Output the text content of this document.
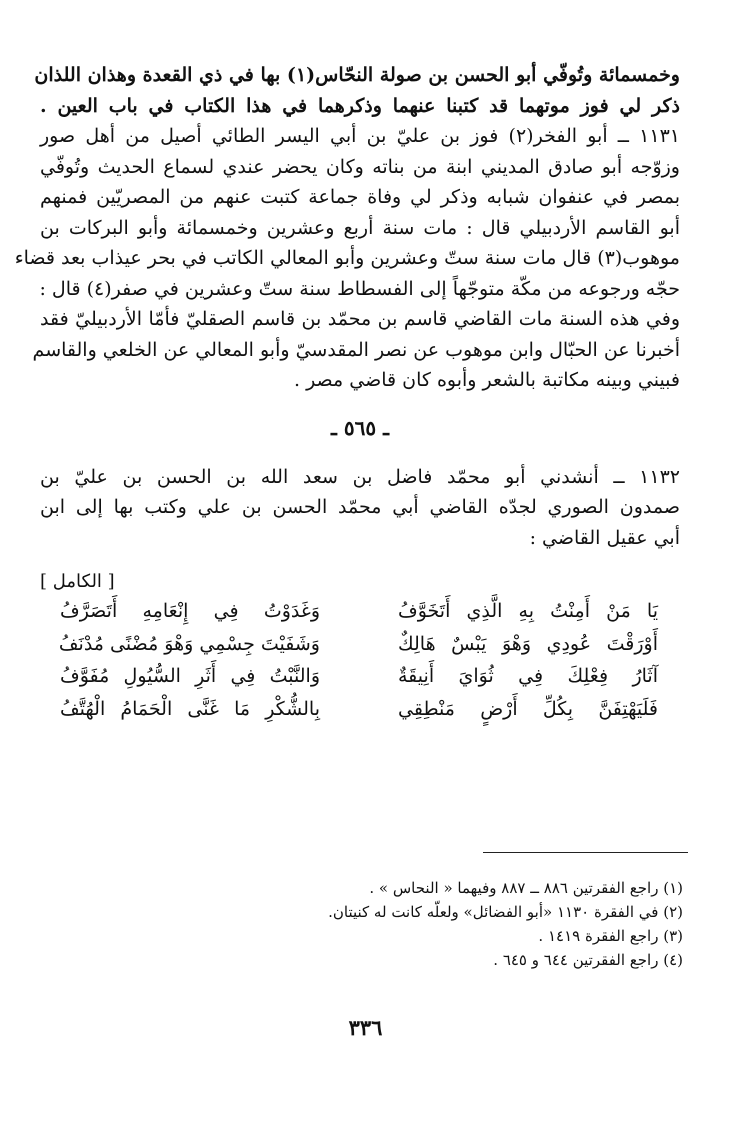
وخمسمائة وتُوفّي أبو الحسن بن صولة النحّاس(١) بها في ذي القعدة وهذان اللذان
ذكر لي فوز موتهما قد كتبنا عنهما وذكرهما في هذا الكتاب في باب العين .
١١٣١ ــ أبو الفخر(٢) فوز بن عليّ بن أبي اليسر الطائي أصيل من أهل صور
وزوّجه أبو صادق المديني ابنة من بناته وكان يحضر عندي لسماع الحديث وتُوفّي
بمصر في عنفوان شبابه وذكر لي وفاة جماعة كتبت عنهم من المصريّين فمنهم
أبو القاسم الأردبيلي قال : مات سنة أربع وعشرين وخمسمائة وأبو البركات بن
موهوب(٣) قال مات سنة ستّ وعشرين وأبو المعالي الكاتب في بحر عيذاب بعد قضاء
حجّه ورجوعه من مكّة متوجّهاً إلى الفسطاط سنة ستّ وعشرين في صفر(٤) قال :
وفي هذه السنة مات القاضي قاسم بن محمّد بن قاسم الصقليّ فأمّا الأردبيليّ فقد
أخبرنا عن الحبّال وابن موهوب عن نصر المقدسيّ وأبو المعالي عن الخلعي والقاسم
فبيني وبينه مكاتبة بالشعر وأبوه كان قاضي مصر .
ـ ٥٦٥ ـ
١١٣٢ ــ أنشدني أبو محمّد فاضل بن سعد الله بن الحسن بن عليّ بن
صمدون الصوري لجدّه القاضي أبي محمّد الحسن بن علي وكتب بها إلى ابن
أبي عقيل القاضي :
[ الكامل ]
يَا مَنْ أَمِنْتُ بِهِ الَّذِي أَتَخَوَّفُ
وَغَدَوْتُ فِي إِنْعَامِهِ أَتَصَرَّفُ
أَوْرَقْتَ عُودِي وَهْوَ يَبْسٌ هَالِكٌ
وَشَفَيْتَ جِسْمِي وَهْوَ مُضْنًى مُدْنَفُ
آثَارُ فِعْلِكَ فِي ثُوَايَ أَنِيقَةٌ
وَالنَّبْتُ فِي أَثَرِ السُّيُولِ مُفَوَّفُ
فَلَيَهْتِفَنَّ بِكُلِّ أَرْضٍ مَنْطِقِي
بِالشُّكْرِ مَا غَنَّى الْحَمَامُ الْهُتَّفُ
(١) راجع الفقرتين ٨٨٦ ــ ٨٨٧ وفيهما « النحاس » .
(٢) في الفقرة ١١٣٠ «أبو الفضائل» ولعلّه كانت له كنيتان.
(٣) راجع الفقرة ١٤١٩ .
(٤) راجع الفقرتين ٦٤٤ و ٦٤٥ .
٣٣٦
